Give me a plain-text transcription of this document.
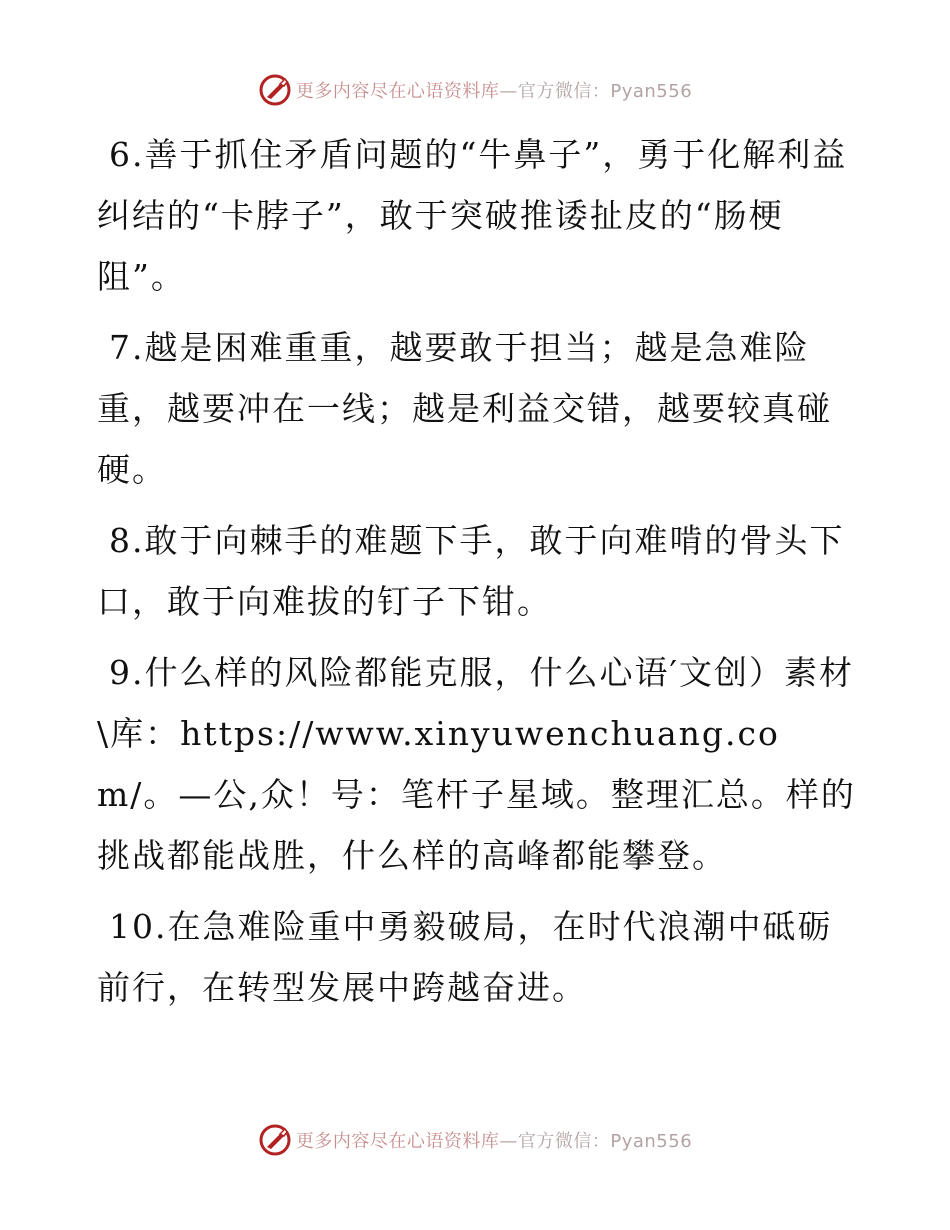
更多内容尽在心语资料库—官方微信：Pyan556

6.善于抓住矛盾问题的“牛鼻子”，勇于化解利益纠结的“卡脖子”，敢于突破推诿扯皮的“肠梗阻”。

7.越是困难重重，越要敢于担当；越是急难险重，越要冲在一线；越是利益交错，越要较真碰硬。

8.敢于向棘手的难题下手，敢于向难啃的骨头下口，敢于向难拔的钉子下钳。

9.什么样的风险都能克服，什么心语′文创）素材\库：https://www.xinyuwenchuang.com/。—公,众！号：笔杆子星域。整理汇总。样的挑战都能战胜，什么样的高峰都能攀登。

10.在急难险重中勇毅破局，在时代浪潮中砥砺前行，在转型发展中跨越奋进。

更多内容尽在心语资料库—官方微信：Pyan556
